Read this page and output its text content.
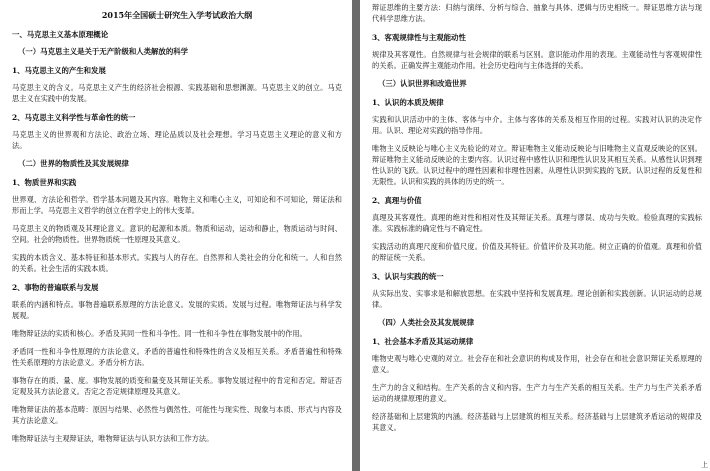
2015年全国硕士研究生入学考试政治大纲
一、马克思主义基本原理概论
（一）马克思主义是关于无产阶级和人类解放的科学
1、马克思主义的产生和发展
马克思主义的含义。马克思主义产生的经济社会根源、实践基础和思想渊源。马克思主义的创立。马克思主义在实践中的发展。
2、马克思主义科学性与革命性的统一
马克思主义的世界观和方法论、政治立场、理论品质以及社会理想。学习马克思主义理论的意义和方法。
（二）世界的物质性及其发展规律
1、物质世界和实践
世界观、方法论和哲学。哲学基本问题及其内容。唯物主义和唯心主义，可知论和不可知论，辩证法和形而上学。马克思主义哲学的创立在哲学史上的伟大变革。
马克思主义的物质观及其理论意义。意识的起源和本质。物质和运动，运动和静止，物质运动与时间、空间。社会的物质性。世界物质统一性原理及其意义。
实践的本质含义、基本特征和基本形式。实践与人的存在。自然界和人类社会的分化和统一。人和自然的关系。社会生活的实践本质。
2、事物的普遍联系与发展
联系的内涵和特点。事物普遍联系原理的方法论意义。发展的实质。发展与过程。唯物辩证法与科学发展观。
唯物辩证法的实质和核心。矛盾及其同一性和斗争性。同一性和斗争性在事物发展中的作用。
矛盾同一性和斗争性原理的方法论意义。矛盾的普遍性和特殊性的含义及相互关系。矛盾普遍性和特殊性关系原理的方法论意义。矛盾分析方法。
事物存在的质、量、度。事物发展的质变和量变及其辩证关系。事物发展过程中的肯定和否定。辩证否定观及其方法论意义。否定之否定规律原理及其意义。
唯物辩证法的基本范畴：原因与结果、必然性与偶然性、可能性与现实性、现象与本质、形式与内容及其方法论意义。
唯物辩证法与主观辩证法，唯物辩证法与认识方法和工作方法。
辩证思维的主要方法：归纳与演绎、分析与综合、抽象与具体、逻辑与历史相统一。辩证思维方法与现代科学思维方法。
3、客观规律性与主观能动性
规律及其客观性。自然规律与社会规律的联系与区别。意识能动作用的表现。主观能动性与客观规律性的关系。正确发挥主观能动作用。社会历史趋向与主体选择的关系。
（三）认识世界和改造世界
1、认识的本质及规律
实践和认识活动中的主体、客体与中介。主体与客体的关系及相互作用的过程。实践对认识的决定作用。认识、理论对实践的指导作用。
唯物主义反映论与唯心主义先验论的对立。辩证唯物主义能动反映论与旧唯物主义直观反映论的区别。辩证唯物主义能动反映论的主要内容。认识过程中感性认识和理性认识及其相互关系。从感性认识到理性认识的飞跃。认识过程中的理性因素和非理性因素。从理性认识到实践的飞跃。认识过程的反复性和无限性。认识和实践的具体的历史的统一。
2、真理与价值
真理及其客观性。真理的绝对性和相对性及其辩证关系。真理与谬误、成功与失败。检验真理的实践标准。实践标准的确定性与不确定性。
实践活动的真理尺度和价值尺度。价值及其特征。价值评价及其功能。树立正确的价值观。真理和价值的辩证统一关系。
3、认识与实践的统一
从实际出发、实事求是和解放思想。在实践中坚持和发展真理。理论创新和实践创新。认识运动的总规律。
（四）人类社会及其发展规律
1、社会基本矛盾及其运动规律
唯物史观与唯心史观的对立。社会存在和社会意识的构成及作用，社会存在和社会意识辩证关系原理的意义。
生产力的含义和结构。生产关系的含义和内容。生产力与生产关系的相互关系。生产力与生产关系矛盾运动的规律原理的意义。
经济基础和上层建筑的内涵。经济基础与上层建筑的相互关系。经济基础与上层建筑矛盾运动的规律及其意义。
上
